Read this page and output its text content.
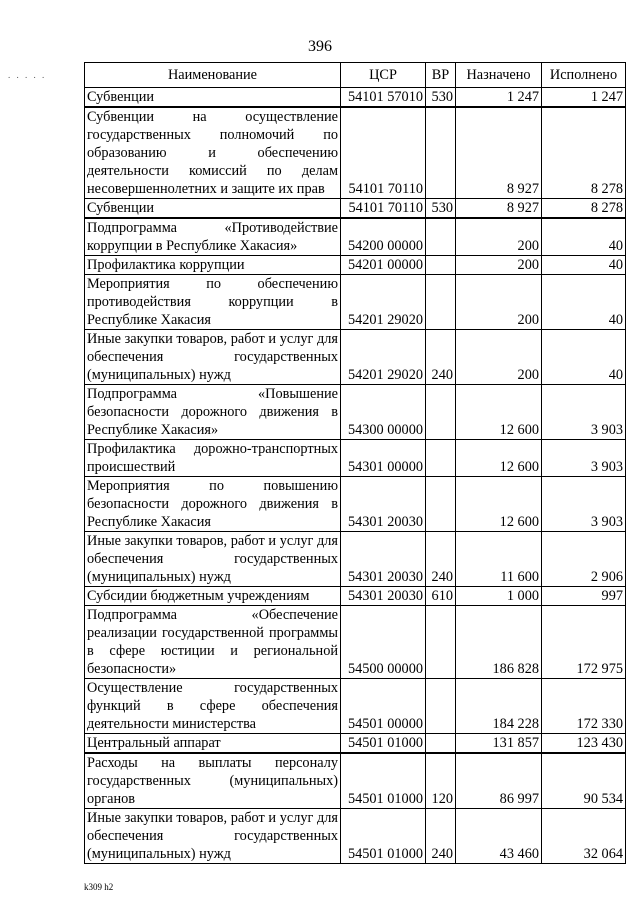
396
. . . . .	Наименование	ЦСР	ВР	Назначено	Исполнено
Субвенции	54101 57010	530	1 247	1 247
Субвенции на осуществление государственных полномочий по образованию и обеспечению деятельности комиссий по делам несовершеннолетних и защите их прав	54101 70110		8 927	8 278
Субвенции	54101 70110	530	8 927	8 278
Подпрограмма «Противодействие коррупции в Республике Хакасия»	54200 00000		200	40
Профилактика коррупции	54201 00000		200	40
Мероприятия по обеспечению противодействия коррупции в Республике Хакасия	54201 29020		200	40
Иные закупки товаров, работ и услуг для обеспечения государственных (муниципальных) нужд	54201 29020	240	200	40
Подпрограмма «Повышение безопасности дорожного движения в Республике Хакасия»	54300 00000		12 600	3 903
Профилактика дорожно-транспортных происшествий	54301 00000		12 600	3 903
Мероприятия по повышению безопасности дорожного движения в Республике Хакасия	54301 20030		12 600	3 903
Иные закупки товаров, работ и услуг для обеспечения государственных (муниципальных) нужд	54301 20030	240	11 600	2 906
Субсидии бюджетным учреждениям	54301 20030	610	1 000	997
Подпрограмма «Обеспечение реализации государственной программы в сфере юстиции и региональной безопасности»	54500 00000		186 828	172 975
Осуществление государственных функций в сфере обеспечения деятельности министерства	54501 00000		184 228	172 330
Центральный аппарат	54501 01000		131 857	123 430
Расходы на выплаты персоналу государственных (муниципальных) органов	54501 01000	120	86 997	90 534
Иные закупки товаров, работ и услуг для обеспечения государственных (муниципальных) нужд	54501 01000	240	43 460	32 064
k309 h2
